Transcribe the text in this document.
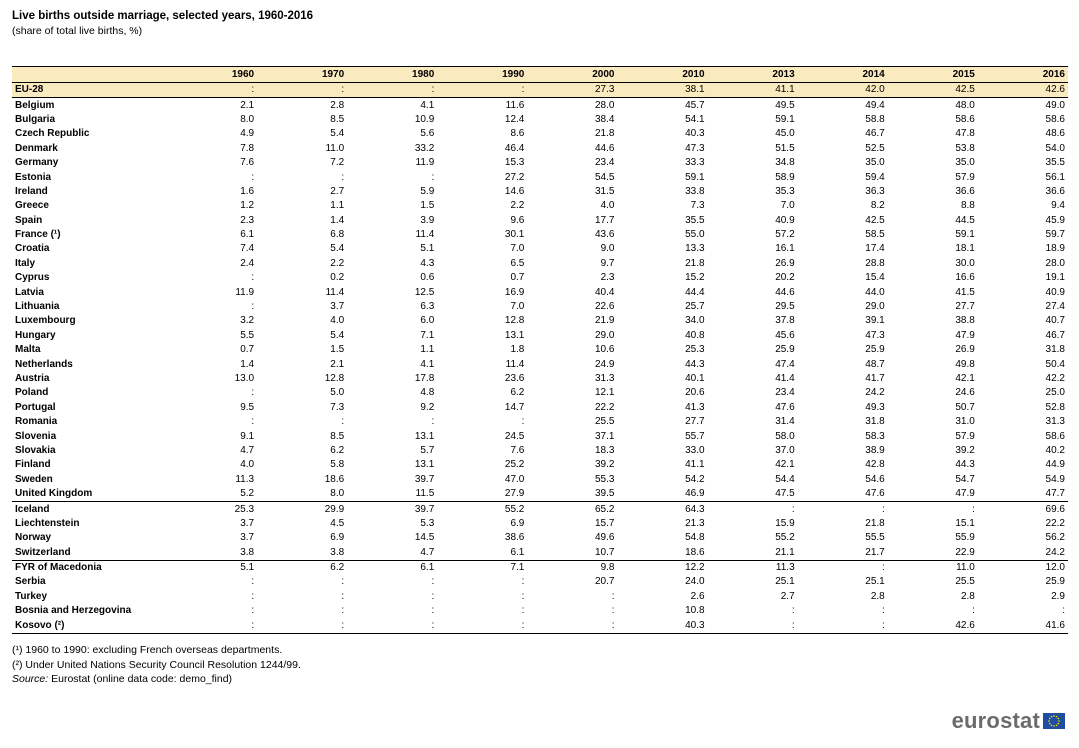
Live births outside marriage, selected years, 1960-2016
(share of total live births, %)
	1960	1970	1980	1990	2000	2010	2013	2014	2015	2016
EU-28	:	:	:	:	27.3	38.1	41.1	42.0	42.5	42.6
Belgium	2.1	2.8	4.1	11.6	28.0	45.7	49.5	49.4	48.0	49.0
Bulgaria	8.0	8.5	10.9	12.4	38.4	54.1	59.1	58.8	58.6	58.6
Czech Republic	4.9	5.4	5.6	8.6	21.8	40.3	45.0	46.7	47.8	48.6
Denmark	7.8	11.0	33.2	46.4	44.6	47.3	51.5	52.5	53.8	54.0
Germany	7.6	7.2	11.9	15.3	23.4	33.3	34.8	35.0	35.0	35.5
Estonia	:	:	:	27.2	54.5	59.1	58.9	59.4	57.9	56.1
Ireland	1.6	2.7	5.9	14.6	31.5	33.8	35.3	36.3	36.6	36.6
Greece	1.2	1.1	1.5	2.2	4.0	7.3	7.0	8.2	8.8	9.4
Spain	2.3	1.4	3.9	9.6	17.7	35.5	40.9	42.5	44.5	45.9
France (¹)	6.1	6.8	11.4	30.1	43.6	55.0	57.2	58.5	59.1	59.7
Croatia	7.4	5.4	5.1	7.0	9.0	13.3	16.1	17.4	18.1	18.9
Italy	2.4	2.2	4.3	6.5	9.7	21.8	26.9	28.8	30.0	28.0
Cyprus	:	0.2	0.6	0.7	2.3	15.2	20.2	15.4	16.6	19.1
Latvia	11.9	11.4	12.5	16.9	40.4	44.4	44.6	44.0	41.5	40.9
Lithuania	:	3.7	6.3	7.0	22.6	25.7	29.5	29.0	27.7	27.4
Luxembourg	3.2	4.0	6.0	12.8	21.9	34.0	37.8	39.1	38.8	40.7
Hungary	5.5	5.4	7.1	13.1	29.0	40.8	45.6	47.3	47.9	46.7
Malta	0.7	1.5	1.1	1.8	10.6	25.3	25.9	25.9	26.9	31.8
Netherlands	1.4	2.1	4.1	11.4	24.9	44.3	47.4	48.7	49.8	50.4
Austria	13.0	12.8	17.8	23.6	31.3	40.1	41.4	41.7	42.1	42.2
Poland	:	5.0	4.8	6.2	12.1	20.6	23.4	24.2	24.6	25.0
Portugal	9.5	7.3	9.2	14.7	22.2	41.3	47.6	49.3	50.7	52.8
Romania	:	:	:	:	25.5	27.7	31.4	31.8	31.0	31.3
Slovenia	9.1	8.5	13.1	24.5	37.1	55.7	58.0	58.3	57.9	58.6
Slovakia	4.7	6.2	5.7	7.6	18.3	33.0	37.0	38.9	39.2	40.2
Finland	4.0	5.8	13.1	25.2	39.2	41.1	42.1	42.8	44.3	44.9
Sweden	11.3	18.6	39.7	47.0	55.3	54.2	54.4	54.6	54.7	54.9
United Kingdom	5.2	8.0	11.5	27.9	39.5	46.9	47.5	47.6	47.9	47.7
Iceland	25.3	29.9	39.7	55.2	65.2	64.3	:	:	:	69.6
Liechtenstein	3.7	4.5	5.3	6.9	15.7	21.3	15.9	21.8	15.1	22.2
Norway	3.7	6.9	14.5	38.6	49.6	54.8	55.2	55.5	55.9	56.2
Switzerland	3.8	3.8	4.7	6.1	10.7	18.6	21.1	21.7	22.9	24.2
FYR of Macedonia	5.1	6.2	6.1	7.1	9.8	12.2	11.3	:	11.0	12.0
Serbia	:	:	:	:	20.7	24.0	25.1	25.1	25.5	25.9
Turkey	:	:	:	:	:	2.6	2.7	2.8	2.8	2.9
Bosnia and Herzegovina	:	:	:	:	:	10.8	:	:	:	:
Kosovo (²)	:	:	:	:	:	40.3	:	:	42.6	41.6
(¹) 1960 to 1990: excluding French overseas departments.
(²) Under United Nations Security Council Resolution 1244/99.
Source: Eurostat (online data code: demo_find)
eurostat
